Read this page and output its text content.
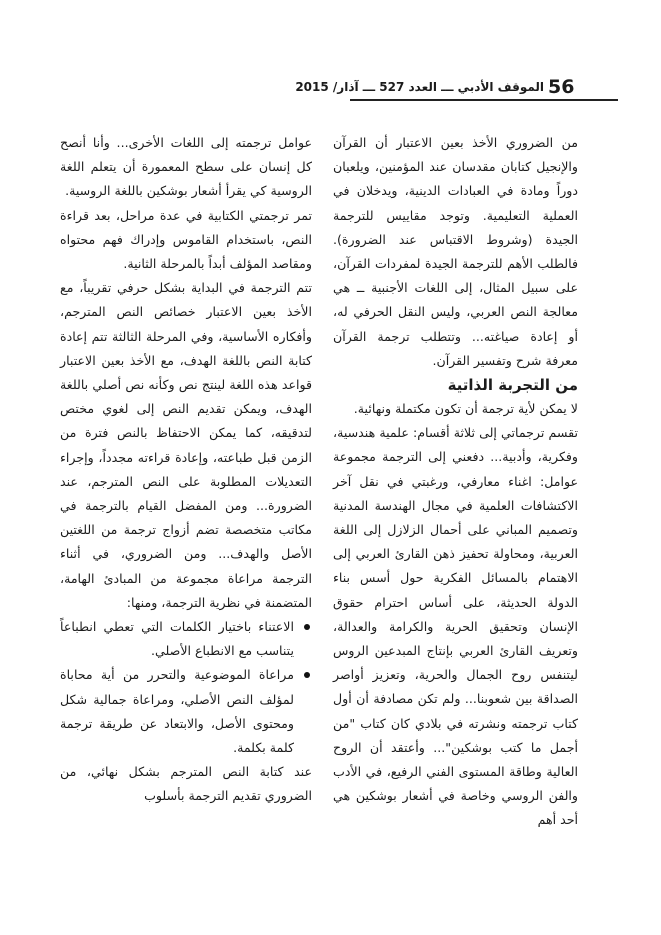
56
الموقف الأدبي ـــ العدد 527 ـــ آذار/ 2015

من الضروري الأخذ بعين الاعتبار أن القرآن والإنجيل كتابان مقدسان عند المؤمنين، ويلعبان دوراً ومادة في العبادات الدينية، ويدخلان في العملية التعليمية. وتوجد مقاييس للترجمة الجيدة (وشروط الاقتباس عند الضرورة). فالطلب الأهم للترجمة الجيدة لمفردات القرآن، على سبيل المثال، إلى اللغات الأجنبية ــ هي معالجة النص العربي، وليس النقل الحرفي له، أو إعادة صياغته... وتتطلب ترجمة القرآن معرفة شرح وتفسير القرآن.

من التجربة الذاتية

لا يمكن لأية ترجمة أن تكون مكتملة ونهائية.

تقسم ترجماتي إلى ثلاثة أقسام: علمية هندسية، وفكرية، وأدبية... دفعني إلى الترجمة مجموعة عوامل: اغناء معارفي، ورغبتي في نقل آخر الاكتشافات العلمية في مجال الهندسة المدنية وتصميم المباني على أحمال الزلازل إلى اللغة العربية، ومحاولة تحفيز ذهن القارئ العربي إلى الاهتمام بالمسائل الفكرية حول أسس بناء الدولة الحديثة، على أساس احترام حقوق الإنسان وتحقيق الحرية والكرامة والعدالة، وتعريف القارئ العربي بإنتاج المبدعين الروس ليتنفس روح الجمال والحرية، وتعزيز أواصر الصداقة بين شعوبنا... ولم تكن مصادفة أن أول كتاب ترجمته ونشرته في بلادي كان كتاب "من أجمل ما كتب بوشكين"... وأعتقد أن الروح العالية وطاقة المستوى الفني الرفيع، في الأدب والفن الروسي وخاصة في أشعار بوشكين هي أحد أهم

عوامل ترجمته إلى اللغات الأخرى... وأنا أنصح كل إنسان على سطح المعمورة أن يتعلم اللغة الروسية كي يقرأ أشعار بوشكين باللغة الروسية.

تمر ترجمتي الكتابية في عدة مراحل، بعد قراءة النص، باستخدام القاموس وإدراك فهم محتواه ومقاصد المؤلف أبداً بالمرحلة الثانية.

تتم الترجمة في البداية بشكل حرفي تقريباً، مع الأخذ بعين الاعتبار خصائص النص المترجم، وأفكاره الأساسية، وفي المرحلة الثالثة تتم إعادة كتابة النص باللغة الهدف، مع الأخذ بعين الاعتبار قواعد هذه اللغة لينتج نص وكأنه نص أصلي باللغة الهدف، ويمكن تقديم النص إلى لغوي مختص لتدقيقه، كما يمكن الاحتفاظ بالنص فترة من الزمن قبل طباعته، وإعادة قراءته مجدداً، وإجراء التعديلات المطلوبة على النص المترجم، عند الضرورة... ومن المفضل القيام بالترجمة في مكاتب متخصصة تضم أزواج ترجمة من اللغتين الأصل والهدف... ومن الضروري، في أثناء الترجمة مراعاة مجموعة من المبادئ الهامة، المتضمنة في نظرية الترجمة، ومنها:

الاعتناء باختيار الكلمات التي تعطي انطباعاً يتناسب مع الانطباع الأصلي.
مراعاة الموضوعية والتحرر من أية محاباة لمؤلف النص الأصلي، ومراعاة جمالية شكل ومحتوى الأصل، والابتعاد عن طريقة ترجمة كلمة بكلمة.

عند كتابة النص المترجم بشكل نهائي، من الضروري تقديم الترجمة بأسلوب
